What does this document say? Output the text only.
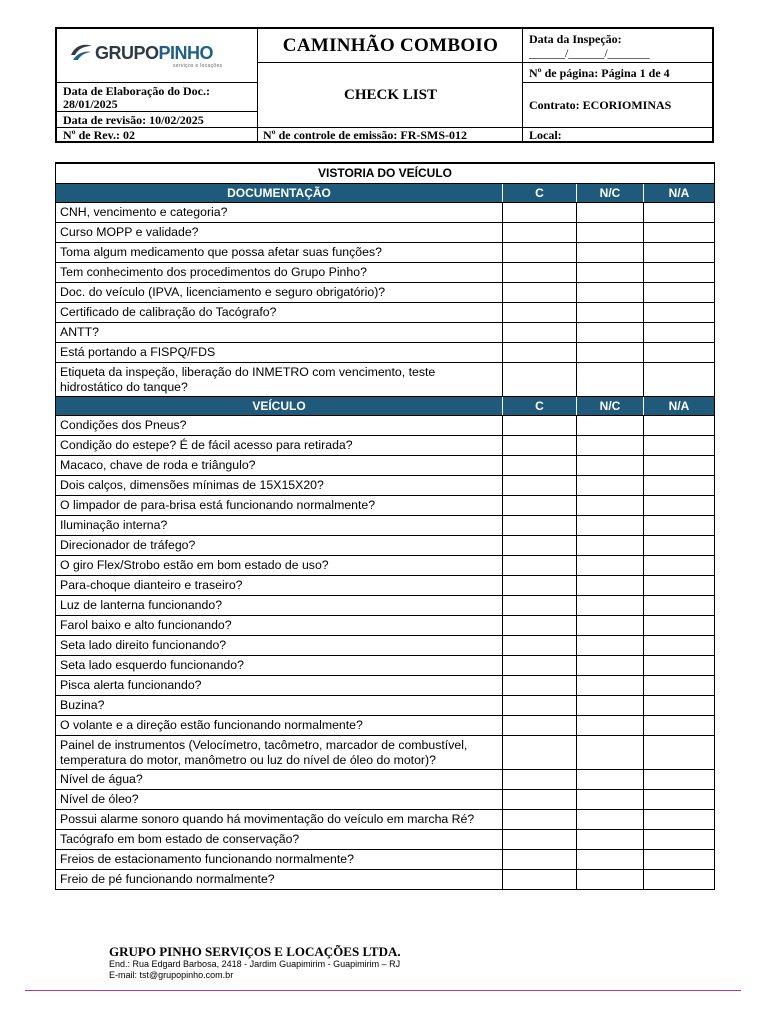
GRUPOPINHO
serviços e locações
CAMINHÃO COMBOIO
CHECK LIST
Data da Inspeção:
______/______/_______
Nº de página: Página 1 de 4
Contrato: ECORIOMINAS
Data de Elaboração do Doc.:
28/01/2025
Data de revisão: 10/02/2025
Nº de Rev.: 02	Nº de controle de emissão: FR-SMS-012	Local:
VISTORIA DO VEÍCULO			
DOCUMENTAÇÃO	C	N/C	N/A
CNH, vencimento e categoria?			
Curso MOPP e validade?			
Toma algum medicamento que possa afetar suas funções?			
Tem conhecimento dos procedimentos do Grupo Pinho?			
Doc. do veículo (IPVA, licenciamento e seguro obrigatório)?			
Certificado de calibração do Tacógrafo?			
ANTT?			
Está portando a FISPQ/FDS			
Etiqueta da inspeção, liberação do INMETRO com vencimento, teste hidrostático do tanque?			
VEÍCULO	C	N/C	N/A
Condições dos Pneus?			
Condição do estepe? É de fácil acesso para retirada?			
Macaco, chave de roda e triângulo?			
Dois calços, dimensões mínimas de 15X15X20?			
O limpador de para-brisa está funcionando normalmente?			
Iluminação interna?			
Direcionador de tráfego?			
O giro Flex/Strobo estão em bom estado de uso?			
Para-choque dianteiro e traseiro?			
Luz de lanterna funcionando?			
Farol baixo e alto funcionando?			
Seta lado direito funcionando?			
Seta lado esquerdo funcionando?			
Pisca alerta funcionando?			
Buzina?			
O volante e a direção estão funcionando normalmente?			
Painel de instrumentos (Velocímetro, tacômetro, marcador de combustível, temperatura do motor, manômetro ou luz do nível de óleo do motor)?			
Nível de água?			
Nível de óleo?			
Possui alarme sonoro quando há movimentação do veículo em marcha Ré?			
Tacógrafo em bom estado de conservação?			
Freios de estacionamento funcionando normalmente?			
Freio de pé funcionando normalmente?			
GRUPO PINHO SERVIÇOS E LOCAÇÕES LTDA.
End.: Rua Edgard Barbosa, 2418 - Jardim Guapimirim - Guapimirim – RJ
E-mail: tst@grupopinho.com.br
